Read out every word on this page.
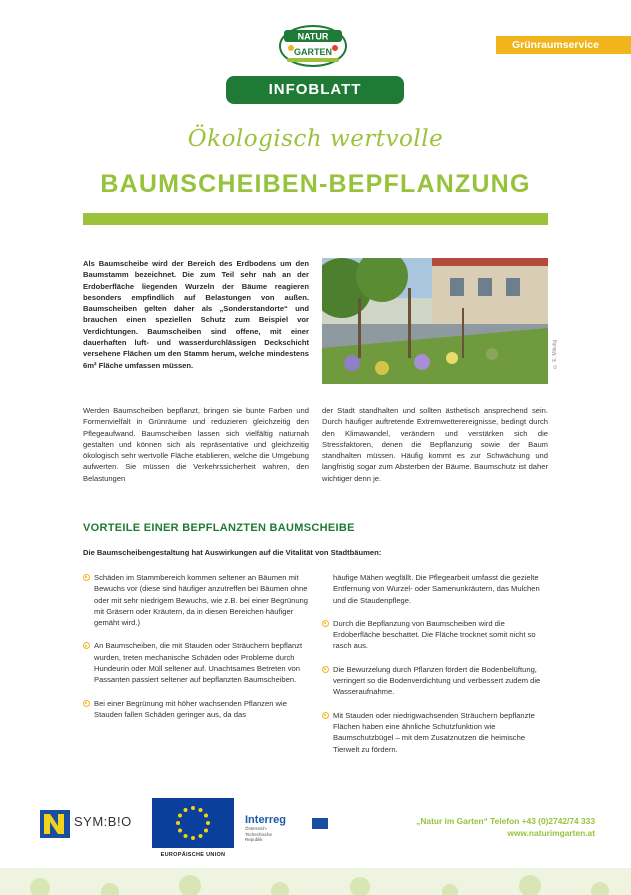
NATUR
GARTEN
Grünraumservice
INFOBLATT
Ökologisch wertvolle
BAUMSCHEIBEN-BEPFLANZUNG
Als Baumscheibe wird der Bereich des Erdbodens um den Baumstamm bezeichnet. Die zum Teil sehr nah an der Erdoberfläche liegenden Wurzeln der Bäume reagieren besonders empfindlich auf Belastungen von außen. Baumscheiben gelten daher als „Sonderstandorte“ und brauchen einen speziellen Schutz zum Beispiel vor Verdichtungen. Baumscheiben sind offene, mit einer dauerhaften luft- und wasserdurchlässigen Deckschicht versehene Flächen um den Stamm herum, welche mindestens 6m² Fläche umfassen müssen.	© E. Mikulig
Werden Baumscheiben bepflanzt, bringen sie bunte Farben und Formenvielfalt in Grünräume und reduzieren gleichzeitig den Pflegeaufwand. Baumscheiben lassen sich vielfältig naturnah gestalten und können sich als repräsentative und gleichzeitig ökologisch sehr wertvolle Fläche etablieren, welche die Umgebung aufwerten. Sie müssen die Verkehrssicherheit wahren, den Belastungen
der Stadt standhalten und sollten ästhetisch ansprechend sein. Durch häufiger auftretende Extremwetterereignisse, bedingt durch den Klimawandel, verändern und verstärken sich die Stressfaktoren, denen die Bepflanzung sowie der Baum standhalten müssen. Häufig kommt es zur Schwächung und langfristig sogar zum Absterben der Bäume. Baumschutz ist daher wichtiger denn je.
VORTEILE EINER BEPFLANZTEN BAUMSCHEIBE
Die Baumscheibengestaltung hat Auswirkungen auf die Vitalität von Stadtbäumen:
Schäden im Stammbereich kommen seltener an Bäumen mit Bewuchs vor (diese sind häufiger anzutreffen bei Bäumen ohne oder mit sehr niedrigem Bewuchs, wie z.B. bei einer Begrünung mit Gräsern oder Kräutern, da in diesen Bereichen häufiger gemäht wird.)
An Baumscheiben, die mit Stauden oder Sträuchern bepflanzt wurden, treten mechanische Schäden oder Probleme durch Hundeurin oder Müll seltener auf. Unachtsames Betreten von Passanten passiert seltener auf bepflanzten Baumscheiben.
Bei einer Begrünung mit höher wachsenden Pflanzen wie Stauden fallen Schäden geringer aus, da das
häufige Mähen wegfällt. Die Pflegearbeit umfasst die gezielte Entfernung von Wurzel- oder Samenunkräutern, das Mulchen und die Staudenpflege.
Durch die Bepflanzung von Baumscheiben wird die Erdoberfläche beschattet. Die Fläche trocknet somit nicht so rasch aus.
Die Bewurzelung durch Pflanzen fördert die Bodenbelüftung, verringert so die Bodenverdichtung und verbessert zudem die Wasseraufnahme.
Mit Stauden oder niedrigwachsenden Sträuchern bepflanzte Flächen haben eine ähnliche Schutzfunktion wie Baumschutzbügel – mit dem Zusatznutzen die heimische Tierwelt zu fördern.
SYM:B!O
EUROPÄISCHE UNION
Interreg
Österreich-Tschechische Republik
„Natur im Garten“ Telefon +43 (0)2742/74 333
www.naturimgarten.at
